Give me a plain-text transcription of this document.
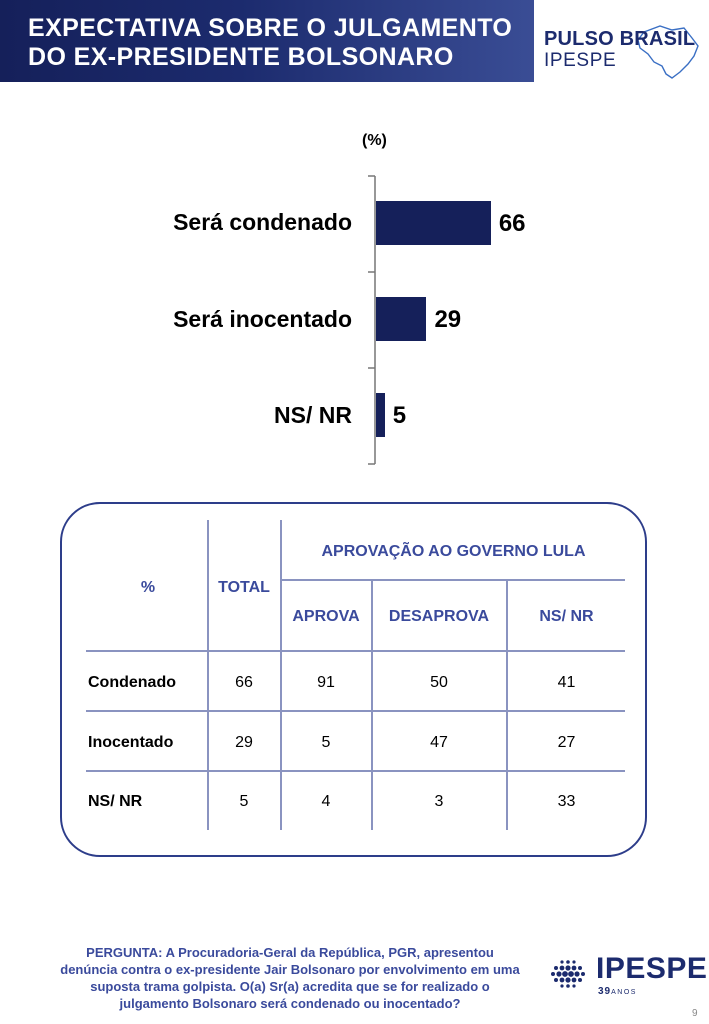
EXPECTATIVA SOBRE O JULGAMENTO
DO EX-PRESIDENTE BOLSONARO
PULSO BRASIL
IPESPE
(%)
Será condenado
Será inocentado
NS/ NR
66
29
5
%	TOTAL
APROVAÇÃO AO GOVERNO LULA
APROVA	DESAPROVA	NS/ NR
Condenado	66	91	50	41
Inocentado	29	5	47	27
NS/ NR	5	4	3	33
PERGUNTA: A Procuradoria-Geral da República, PGR, apresentou denúncia contra o ex-presidente Jair Bolsonaro por envolvimento em uma suposta trama golpista. O(a) Sr(a) acredita que se for realizado o julgamento Bolsonaro será condenado ou inocentado?
IPESPE
39ANOS
9
